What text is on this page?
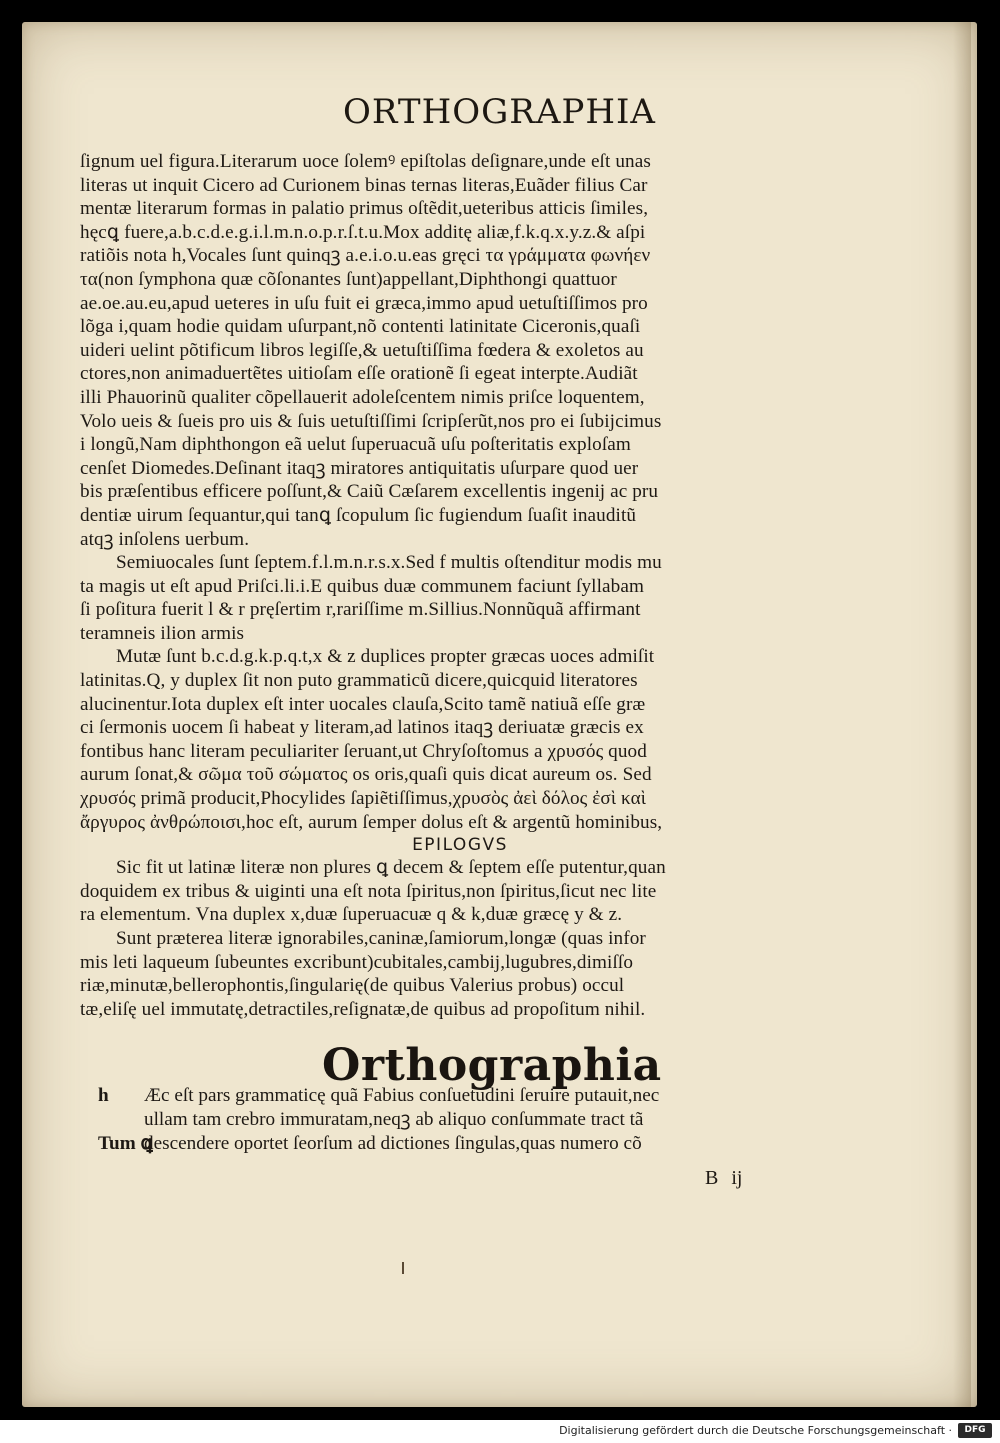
ORTHOGRAPHIA
ſignum uel figura.Literarum uoce ſolemꝰ epiſtolas deſignare,unde eſt unas
literas ut inquit Cicero ad Curionem binas ternas literas,Euãder filius Car
mentæ literarum formas in palatio primus oſtẽdit,ueteribus atticis ſimiles,
hęcꝗ fuere,a.b.c.d.e.g.i.l.m.n.o.p.r.ſ.t.u.Mox additę aliæ,f.k.q.x.y.z.& aſpi
ratiõis nota h,Vocales ſunt quinqꝫ a.e.i.o.u.eas gręci τα γράμματα φωνήεν
τα(non ſymphona quæ cõſonantes ſunt)appellant,Diphthongi quattuor
ae.oe.au.eu,apud ueteres in uſu fuit ei græca,immo apud uetuſtiſſimos pro
lõga i,quam hodie quidam uſurpant,nõ contenti latinitate Ciceronis,quaſi
uideri uelint põtificum libros legiſſe,& uetuſtiſſima fœdera & exoletos au
ctores,non animaduertẽtes uitioſam eſſe orationẽ ſi egeat interpte.Audiãt
illi Phauorinũ qualiter cõpellauerit adoleſcentem nimis priſce loquentem,
Volo ueis & ſueis pro uis & ſuis uetuſtiſſimi ſcripſerũt,nos pro ei ſubijcimus
i longũ,Nam diphthongon eã uelut ſuperuacuã uſu poſteritatis exploſam
cenſet Diomedes.Deſinant itaqꝫ miratores antiquitatis uſurpare quod uer
bis præſentibus efficere poſſunt,& Caiũ Cæſarem excellentis ingenĳ ac pru
dentiæ uirum ſequantur,qui tanꝗ ſcopulum ſic fugiendum ſuaſit inauditũ
atqꝫ inſolens uerbum.
Semiuocales ſunt ſeptem.f.l.m.n.r.s.x.Sed f multis oſtenditur modis mu
ta magis ut eſt apud Priſci.li.i.E quibus duæ communem faciunt ſyllabam
ſi poſitura fuerit l & r pręſertim r,rariſſime m.Sillius.Nonnũquã affirmant
teramneis ilion armis
Mutæ ſunt b.c.d.g.k.p.q.t,x & z duplices propter græcas uoces admiſit
latinitas.Q, y duplex ſit non puto grammaticũ dicere,quicquid literatores
alucinentur.Iota duplex eſt inter uocales clauſa,Scito tamẽ natiuã eſſe græ
ci ſermonis uocem ſi habeat y literam,ad latinos itaqꝫ deriuatæ græcis ex
fontibus hanc literam peculiariter ſeruant,ut Chryſoſtomus a χρυσός quod
aurum ſonat,& σῶμα τοῦ σώματος os oris,quaſi quis dicat aureum os. Sed
χρυσός primã producit,Phocylides ſapiẽtiſſimus,χρυσὸς ἀεὶ δόλος ἐσὶ καὶ
ἄργυρος ἀνθρώποισι,hoc eſt, aurum ſemper dolus eſt & argentũ hominibus,
EPILOGVS
Sic fit ut latinæ literæ non plures ꝗ decem & ſeptem eſſe putentur,quan
doquidem ex tribus & uiginti una eſt nota ſpiritus,non ſpiritus,ſicut nec lite
ra elementum. Vna duplex x,duæ ſuperuacuæ q & k,duæ græcę y & z.
Sunt præterea literæ ignorabiles,caninæ,ſamiorum,longæ (quas infor
mis leti laqueum ſubeuntes excribunt)cubitales,cambĳ,lugubres,dimiſſo
riæ,minutæ,bellerophontis,ſingularię(de quibus Valerius probus) occul
tæ,eliſę uel immutatę,detractiles,reſignatæ,de quibus ad propoſitum nihil.
Orthographia
h Æc eſt pars grammaticę quã Fabius conſuetudini ſeruire putauit,nec
ullam tam crebro immuratam,neqꝫ ab aliquo conſummate tract tã
Tum ꝗdescendere oportet ſeorſum ad dictiones ſingulas,quas numero cõ
B ĳ
Digitalisierung gefördert durch die Deutsche Forschungsgemeinschaft ·	DFG
